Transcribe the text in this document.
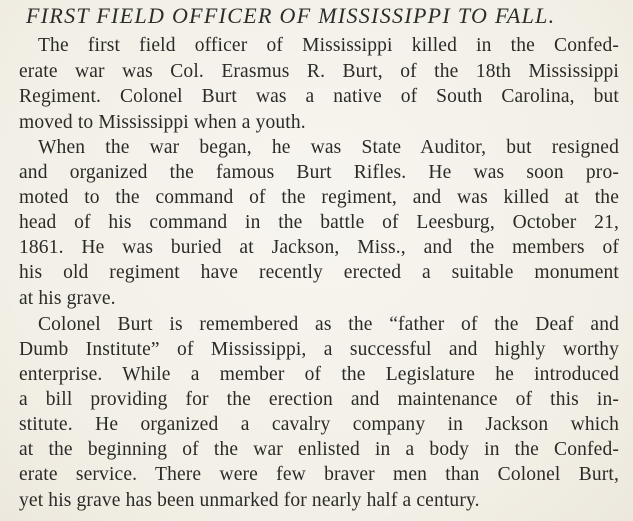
FIRST FIELD OFFICER OF MISSISSIPPI TO FALL.
The first field officer of Mississippi killed in the Confed-
erate war was Col. Erasmus R. Burt, of the 18th Mississippi
Regiment. Colonel Burt was a native of South Carolina, but
moved to Mississippi when a youth.
When the war began, he was State Auditor, but resigned
and organized the famous Burt Rifles. He was soon pro-
moted to the command of the regiment, and was killed at the
head of his command in the battle of Leesburg, October 21,
1861. He was buried at Jackson, Miss., and the members of
his old regiment have recently erected a suitable monument
at his grave.
Colonel Burt is remembered as the “father of the Deaf and
Dumb Institute” of Mississippi, a successful and highly worthy
enterprise. While a member of the Legislature he introduced
a bill providing for the erection and maintenance of this in-
stitute. He organized a cavalry company in Jackson which
at the beginning of the war enlisted in a body in the Confed-
erate service. There were few braver men than Colonel Burt,
yet his grave has been unmarked for nearly half a century.
